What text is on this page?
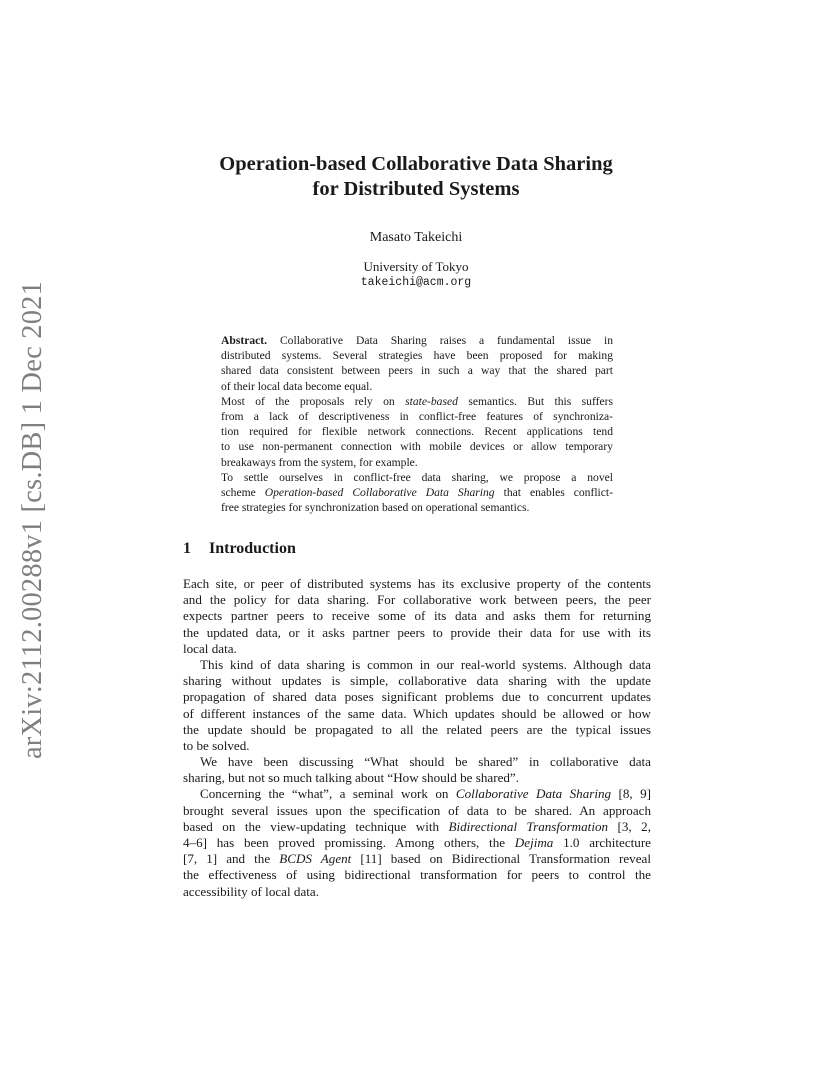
arXiv:2112.00288v1 [cs.DB] 1 Dec 2021
Operation-based Collaborative Data Sharing
for Distributed Systems
Masato Takeichi
University of Tokyo
takeichi@acm.org
Abstract. Collaborative Data Sharing raises a fundamental issue in
distributed systems. Several strategies have been proposed for making
shared data consistent between peers in such a way that the shared part
of their local data become equal.
Most of the proposals rely on state-based semantics. But this suffers
from a lack of descriptiveness in conflict-free features of synchroniza-
tion required for flexible network connections. Recent applications tend
to use non-permanent connection with mobile devices or allow temporary
breakaways from the system, for example.
To settle ourselves in conflict-free data sharing, we propose a novel
scheme Operation-based Collaborative Data Sharing that enables conflict-
free strategies for synchronization based on operational semantics.
1 Introduction
Each site, or peer of distributed systems has its exclusive property of the contents
and the policy for data sharing. For collaborative work between peers, the peer
expects partner peers to receive some of its data and asks them for returning
the updated data, or it asks partner peers to provide their data for use with its
local data.
This kind of data sharing is common in our real-world systems. Although data
sharing without updates is simple, collaborative data sharing with the update
propagation of shared data poses significant problems due to concurrent updates
of different instances of the same data. Which updates should be allowed or how
the update should be propagated to all the related peers are the typical issues
to be solved.
We have been discussing “What should be shared” in collaborative data
sharing, but not so much talking about “How should be shared”.
Concerning the “what”, a seminal work on Collaborative Data Sharing [8, 9]
brought several issues upon the specification of data to be shared. An approach
based on the view-updating technique with Bidirectional Transformation [3, 2,
4–6] has been proved promissing. Among others, the Dejima 1.0 architecture
[7, 1] and the BCDS Agent [11] based on Bidirectional Transformation reveal
the effectiveness of using bidirectional transformation for peers to control the
accessibility of local data.
